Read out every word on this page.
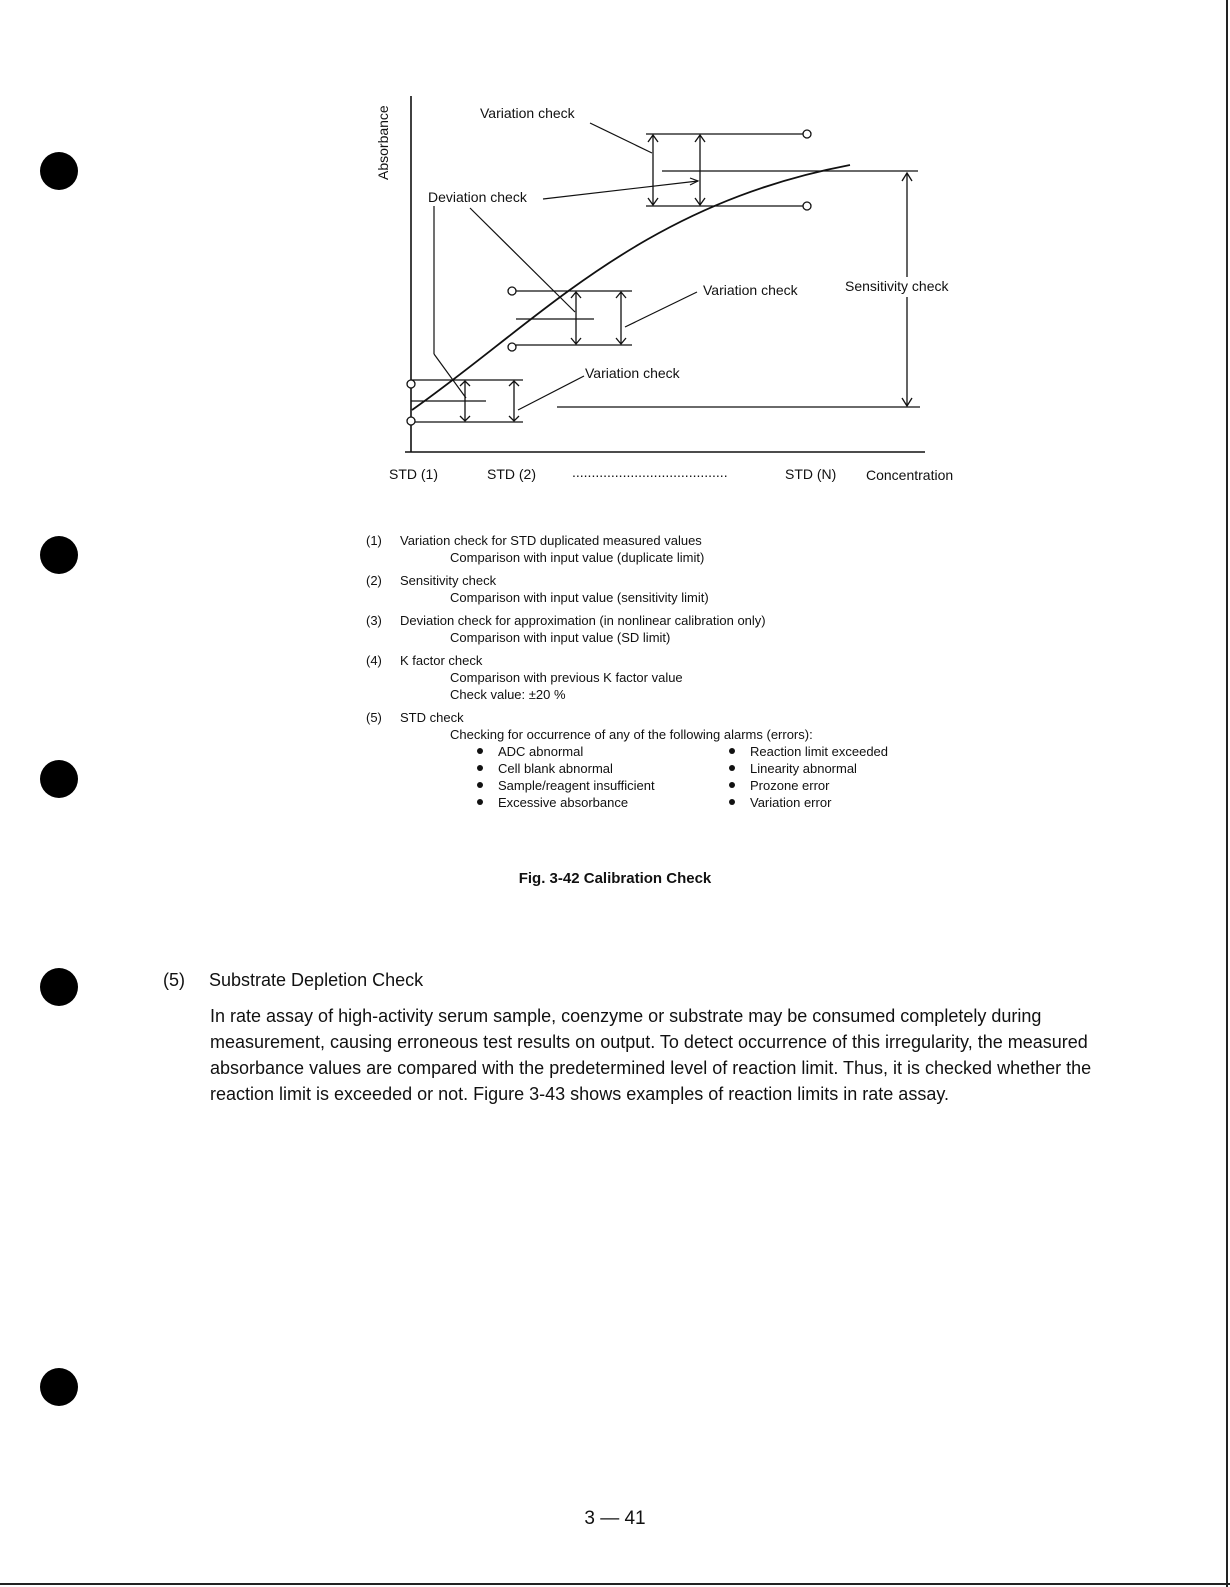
Absorbance	Variation check
Deviation check
Variation check
Variation check
Sensitivity check
STD (1)	STD (2)	........................................	STD (N) Concentration
(1) Variation check for STD duplicated measured values
Comparison with input value (duplicate limit)
(2) Sensitivity check
Comparison with input value (sensitivity limit)
(3) Deviation check for approximation (in nonlinear calibration only)
Comparison with input value (SD limit)
(4) K factor check
Comparison with previous K factor value
Check value: ±20 %
(5) STD check
Checking for occurrence of any of the following alarms (errors):
ADC abnormal	Reaction limit exceeded
Cell blank abnormal	Linearity abnormal
Sample/reagent insufficient	Prozone error
Excessive absorbance	Variation error
Fig. 3-42 Calibration Check
(5) Substrate Depletion Check

In rate assay of high-activity serum sample, coenzyme or substrate may be consumed completely during measurement, causing erroneous test results on output. To detect occurrence of this irregularity, the measured absorbance values are compared with the predetermined level of reaction limit. Thus, it is checked whether the reaction limit is exceeded or not. Figure 3-43 shows examples of reaction limits in rate assay.

3 — 41
